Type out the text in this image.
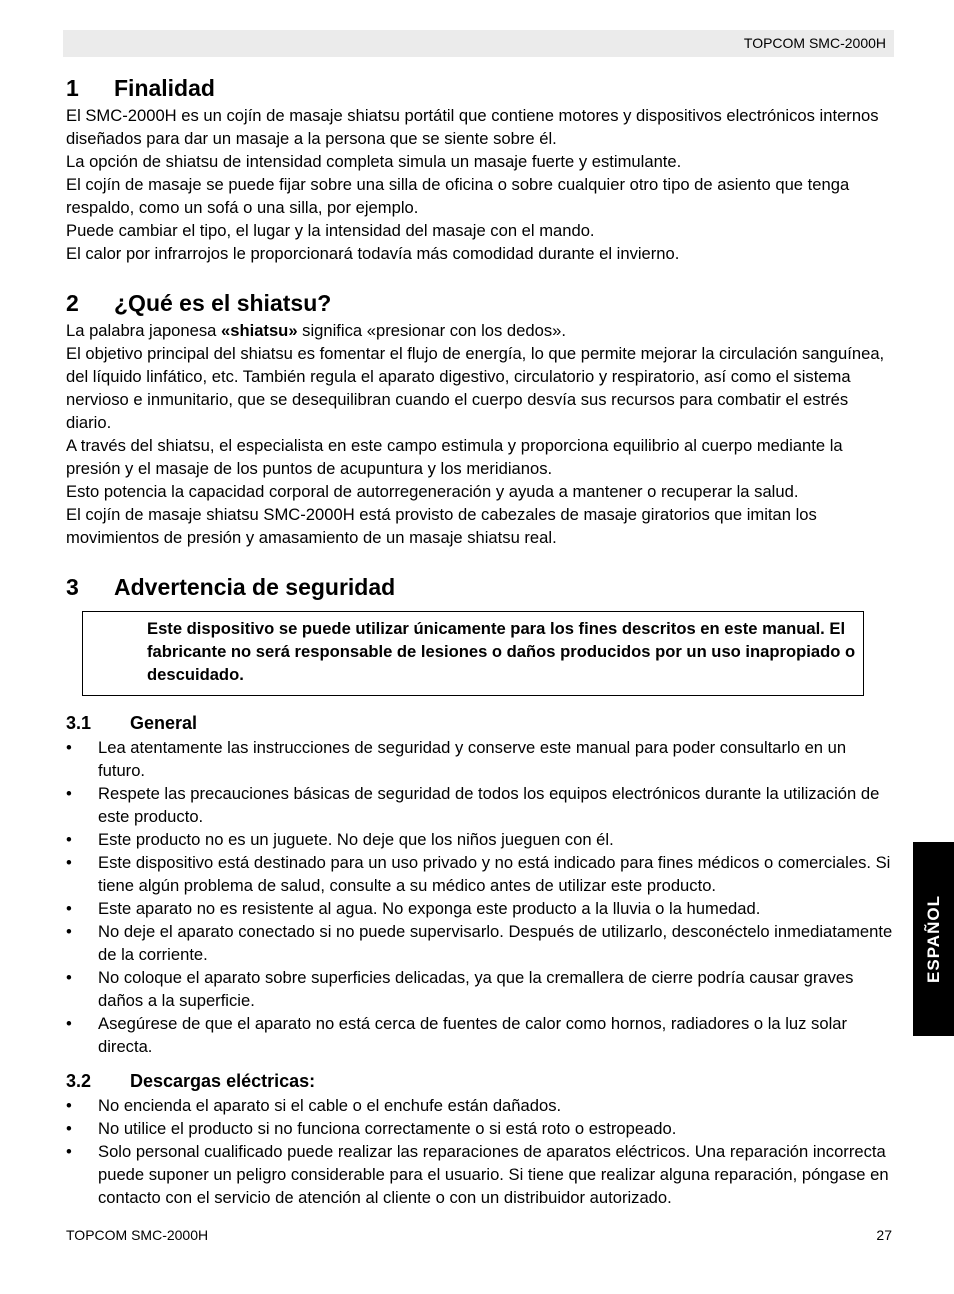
TOPCOM SMC-2000H
1	Finalidad

El SMC-2000H es un cojín de masaje shiatsu portátil que contiene motores y dispositivos electrónicos internos diseñados para dar un masaje a la persona que se siente sobre él.

La opción de shiatsu de intensidad completa simula un masaje fuerte y estimulante.

El cojín de masaje se puede fijar sobre una silla de oficina o sobre cualquier otro tipo de asiento que tenga respaldo, como un sofá o una silla, por ejemplo.

Puede cambiar el tipo, el lugar y la intensidad del masaje con el mando.

El calor por infrarrojos le proporcionará todavía más comodidad durante el invierno.

2	¿Qué es el shiatsu?

La palabra japonesa «shiatsu» significa «presionar con los dedos».

El objetivo principal del shiatsu es fomentar el flujo de energía, lo que permite mejorar la circulación sanguínea, del líquido linfático, etc. También regula el aparato digestivo, circulatorio y respiratorio, así como el sistema nervioso e inmunitario, que se desequilibran cuando el cuerpo desvía sus recursos para combatir el estrés diario.

A través del shiatsu, el especialista en este campo estimula y proporciona equilibrio al cuerpo mediante la presión y el masaje de los puntos de acupuntura y los meridianos.

Esto potencia la capacidad corporal de autorregeneración y ayuda a mantener o recuperar la salud.

El cojín de masaje shiatsu SMC-2000H está provisto de cabezales de masaje giratorios que imitan los movimientos de presión y amasamiento de un masaje shiatsu real.

3	Advertencia de seguridad
Este dispositivo se puede utilizar únicamente para los fines descritos en este manual. El fabricante no será responsable de lesiones o daños producidos por un uso inapropiado o descuidado.
3.1	General
• Lea atentamente las instrucciones de seguridad y conserve este manual para poder consultarlo en un futuro.
• Respete las precauciones básicas de seguridad de todos los equipos electrónicos durante la utilización de este producto.
• Este producto no es un juguete. No deje que los niños jueguen con él.
• Este dispositivo está destinado para un uso privado y no está indicado para fines médicos o comerciales. Si tiene algún problema de salud, consulte a su médico antes de utilizar este producto.
• Este aparato no es resistente al agua. No exponga este producto a la lluvia o la humedad.
• No deje el aparato conectado si no puede supervisarlo. Después de utilizarlo, desconéctelo inmediatamente de la corriente.
• No coloque el aparato sobre superficies delicadas, ya que la cremallera de cierre podría causar graves daños a la superficie.
• Asegúrese de que el aparato no está cerca de fuentes de calor como hornos, radiadores o la luz solar directa.
3.2	Descargas eléctricas:
• No encienda el aparato si el cable o el enchufe están dañados.
• No utilice el producto si no funciona correctamente o si está roto o estropeado.
• Solo personal cualificado puede realizar las reparaciones de aparatos eléctricos. Una reparación incorrecta puede suponer un peligro considerable para el usuario. Si tiene que realizar alguna reparación, póngase en contacto con el servicio de atención al cliente o con un distribuidor autorizado.
ESPAÑOL
TOPCOM SMC-2000H	27
